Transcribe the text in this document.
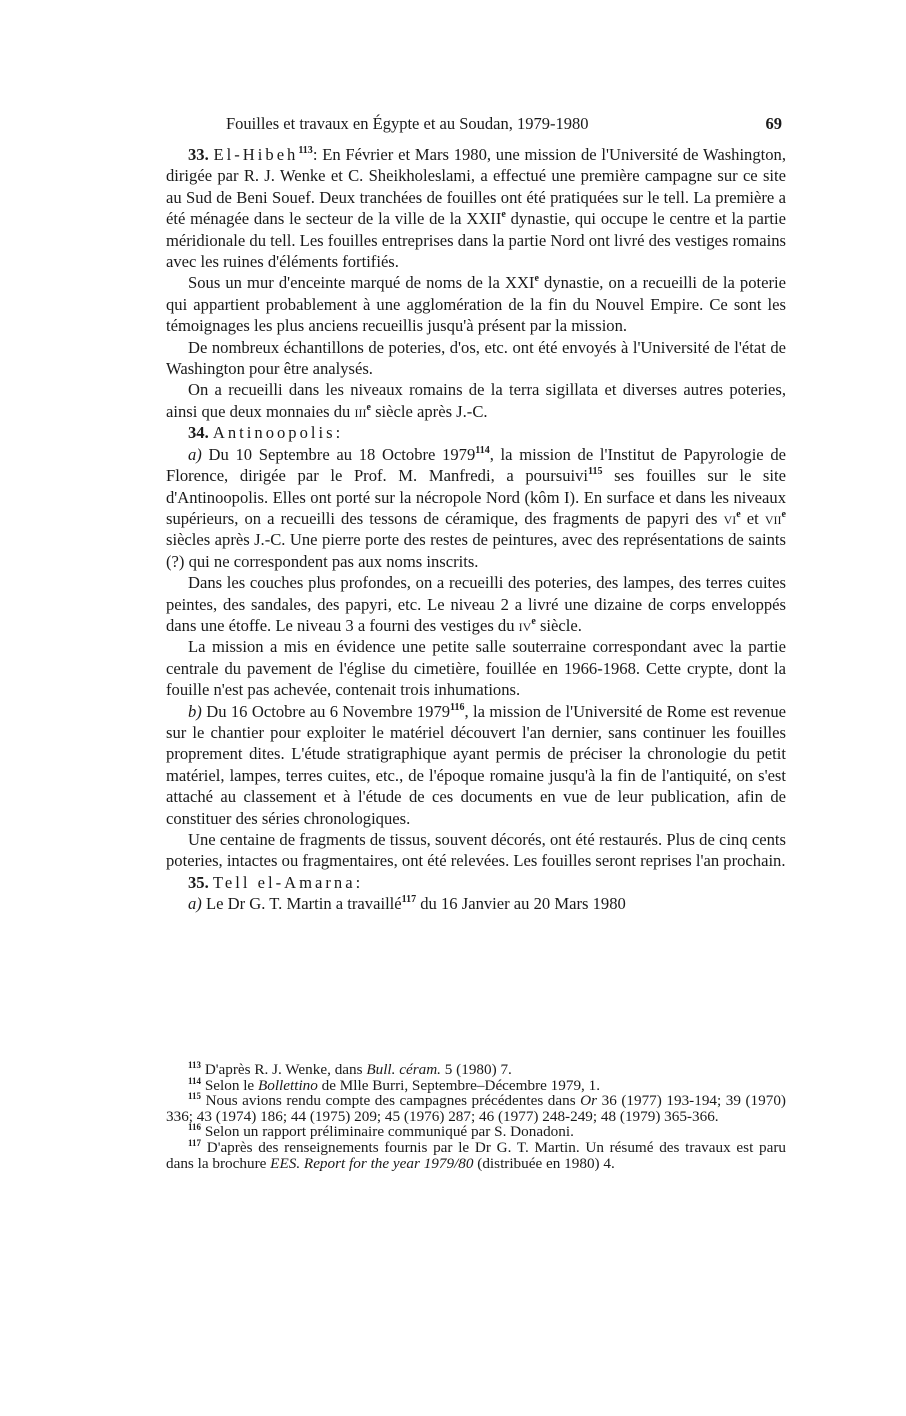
Fouilles et travaux en Égypte et au Soudan, 1979-1980	69

33. El-Hibeh$^{113}$: En Février et Mars 1980, une mission de l'Université de Washington, dirigée par R. J. Wenke et C. Sheikholeslami, a effectué une première campagne sur ce site au Sud de Beni Souef. Deux tranchées de fouilles ont été pratiquées sur le tell. La première a été ménagée dans le secteur de la ville de la XXIIe dynastie, qui occupe le centre et la partie méridionale du tell. Les fouilles entreprises dans la partie Nord ont livré des vestiges romains avec les ruines d'éléments fortifiés.

Sous un mur d'enceinte marqué de noms de la XXIe dynastie, on a recueilli de la poterie qui appartient probablement à une agglomération de la fin du Nouvel Empire. Ce sont les témoignages les plus anciens recueillis jusqu'à présent par la mission.

De nombreux échantillons de poteries, d'os, etc. ont été envoyés à l'Université de l'état de Washington pour être analysés.

On a recueilli dans les niveaux romains de la terra sigillata et diverses autres poteries, ainsi que deux monnaies du iii$^e$ siècle après J.-C.

34. Antinoopolis:

a) Du 10 Septembre au 18 Octobre 1979$^{114}$, la mission de l'Institut de Papyrologie de Florence, dirigée par le Prof. M. Manfredi, a poursuivi$^{115}$ ses fouilles sur le site d'Antinoopolis. Elles ont porté sur la nécropole Nord (kôm I). En surface et dans les niveaux supérieurs, on a recueilli des tessons de céramique, des fragments de papyri des $vi^e$ et vii$^e$ siècles après J.-C. Une pierre porte des restes de peintures, avec des représentations de saints (?) qui ne correspondent pas aux noms inscrits.

Dans les couches plus profondes, on a recueilli des poteries, des lampes, des terres cuites peintes, des sandales, des papyri, etc. Le niveau 2 a livré une dizaine de corps enveloppés dans une étoffe. Le niveau 3 a fourni des vestiges du $iv^e$ siècle.

La mission a mis en évidence une petite salle souterraine correspondant avec la partie centrale du pavement de l'église du cimetière, fouillée en 1966-1968. Cette crypte, dont la fouille n'est pas achevée, contenait trois inhumations.

b) Du 16 Octobre au 6 Novembre 1979$^{116}$, la mission de l'Université de Rome est revenue sur le chantier pour exploiter le matériel découvert l'an dernier, sans continuer les fouilles proprement dites. L'étude stratigraphique ayant permis de préciser la chronologie du petit matériel, lampes, terres cuites, etc., de l'époque romaine jusqu'à la fin de l'antiquité, on s'est attaché au classement et à l'étude de ces documents en vue de leur publication, afin de constituer des séries chronologiques.

Une centaine de fragments de tissus, souvent décorés, ont été restaurés. Plus de cinq cents poteries, intactes ou fragmentaires, ont été relevées. Les fouilles seront reprises l'an prochain.

35. Tell el-Amarna:

a) Le Dr G. T. Martin a travaillé$^{117}$ du 16 Janvier au 20 Mars 1980

$^{113}$ D'après R. J. Wenke, dans Bull. céram. 5 (1980) 7.

$^{114}$ Selon le Bollettino de Mlle Burri, Septembre–Décembre 1979, 1.

$^{115}$ Nous avions rendu compte des campagnes précédentes dans Or 36 (1977) 193-194; 39 (1970) 336; 43 (1974) 186; 44 (1975) 209; 45 (1976) 287; 46 (1977) 248-249; 48 (1979) 365-366.

$^{116}$ Selon un rapport préliminaire communiqué par S. Donadoni.

$^{117}$ D'après des renseignements fournis par le Dr G. T. Martin. Un résumé des travaux est paru dans la brochure EES. Report for the year 1979/80 (distribuée en 1980) 4.
